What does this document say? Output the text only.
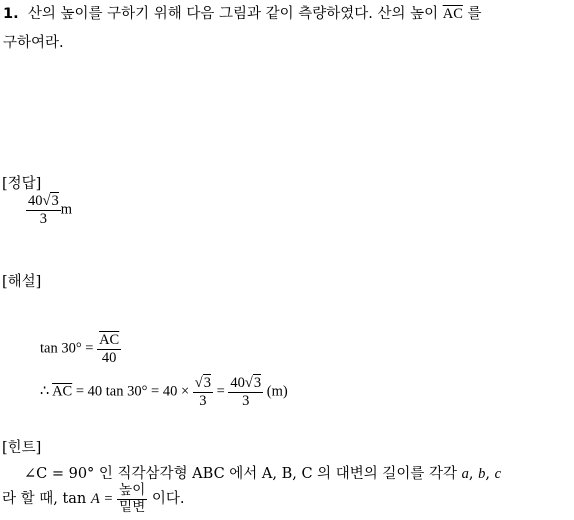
1. 산의 높이를 구하기 위해 다음 그림과 같이 측량하였다. 산의 높이 $\overline{AC}$ 를
구하여라.
[정답]
$\frac{40√3}{3}$ m
[해설]
$\tan 30^\circ = \frac{\overline{AC}}{40}$
∴ $\overline{AC} = 40$ $\tan 30^\circ = 40 \times \frac{√3}{3} = \frac{40√3}{3} (m)$
[힌트]
∠C = 90° 인 직각삼각형 ABC 에서 A, B, C 의 대변의 길이를 각각 a, b, c
라 할 때, $\tan A = \frac{\text{높이}}{\text{밑변}}$ 이다.
